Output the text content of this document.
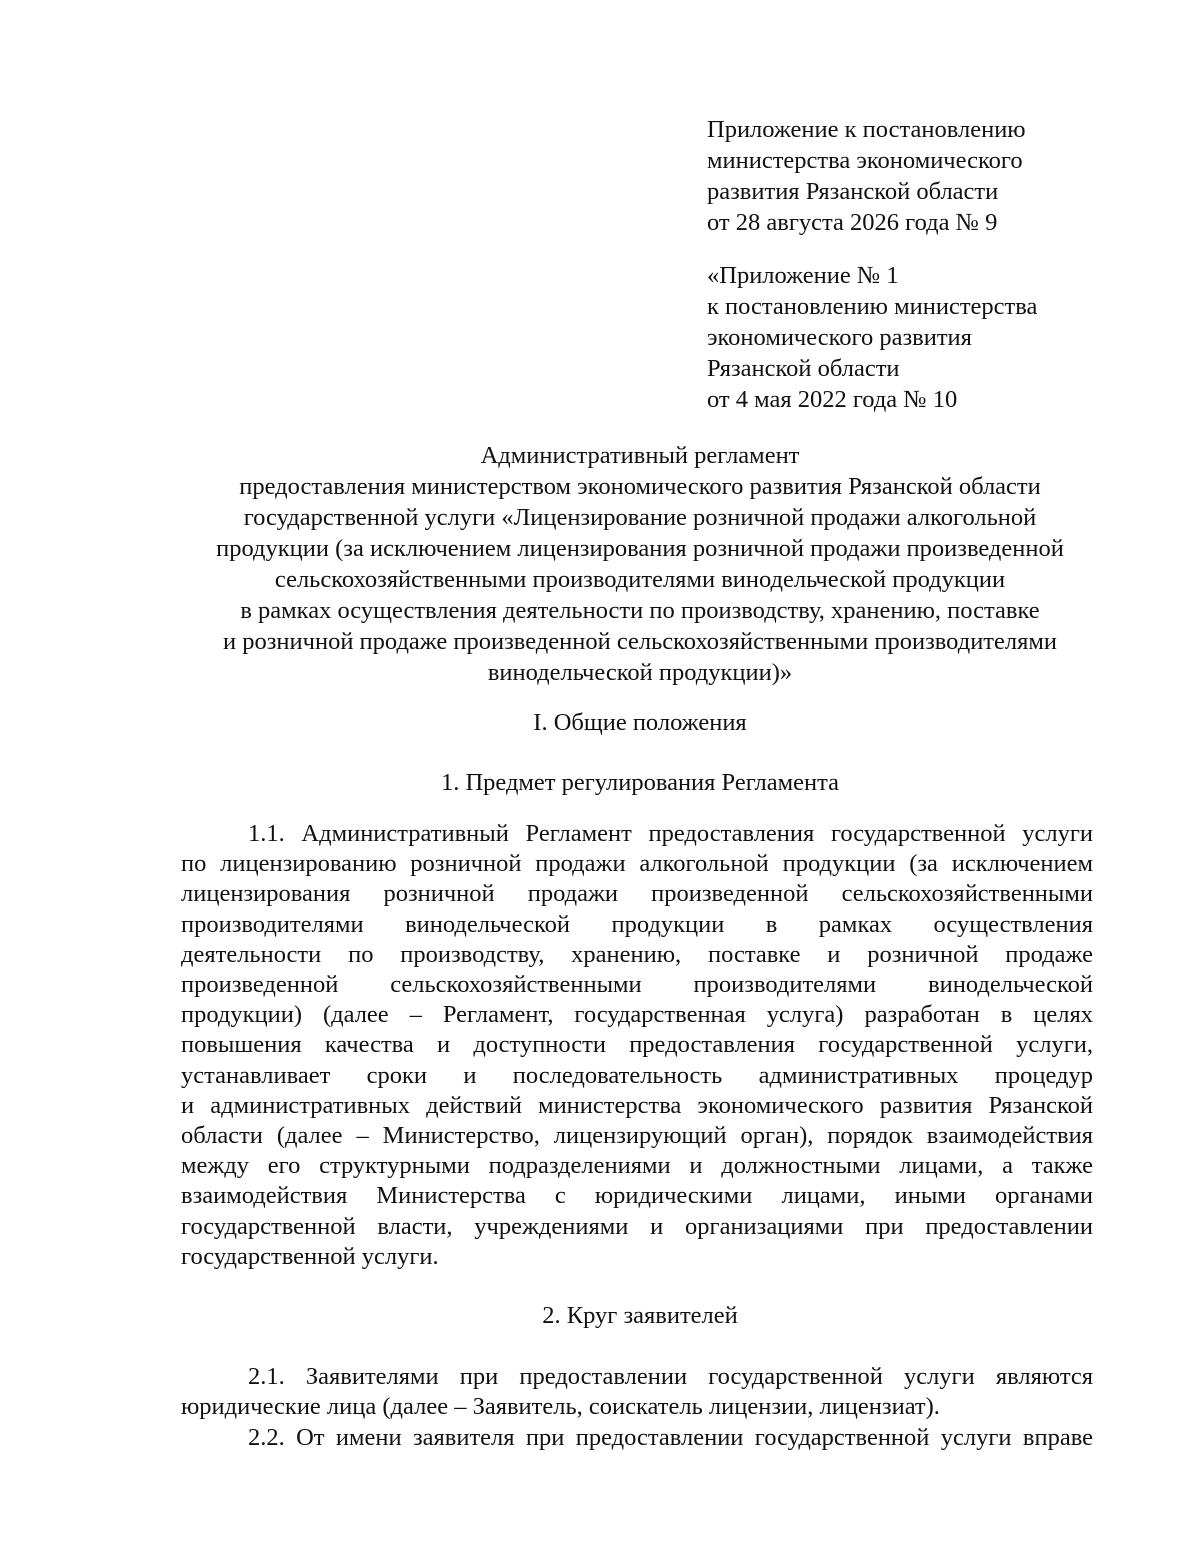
Приложение к постановлению
министерства экономического
развития Рязанской области
от 28 августа 2026 года № 9
«Приложение № 1
к постановлению министерства
экономического развития
Рязанской области
от 4 мая 2022 года № 10
Административный регламент
предоставления министерством экономического развития Рязанской области
государственной услуги «Лицензирование розничной продажи алкогольной
продукции (за исключением лицензирования розничной продажи произведенной
сельскохозяйственными производителями винодельческой продукции
в рамках осуществления деятельности по производству, хранению, поставке
и розничной продаже произведенной сельскохозяйственными производителями
винодельческой продукции)»
I. Общие положения
1. Предмет регулирования Регламента
1.1. Административный Регламент предоставления государственной услуги
по лицензированию розничной продажи алкогольной продукции (за исключением
лицензирования розничной продажи произведенной сельскохозяйственными
производителями винодельческой продукции в рамках осуществления
деятельности по производству, хранению, поставке и розничной продаже
произведенной сельскохозяйственными производителями винодельческой
продукции) (далее – Регламент, государственная услуга) разработан в целях
повышения качества и доступности предоставления государственной услуги,
устанавливает сроки и последовательность административных процедур
и административных действий министерства экономического развития Рязанской
области (далее – Министерство, лицензирующий орган), порядок взаимодействия
между его структурными подразделениями и должностными лицами, а также
взаимодействия Министерства с юридическими лицами, иными органами
государственной власти, учреждениями и организациями при предоставлении
государственной услуги.
2. Круг заявителей
2.1. Заявителями при предоставлении государственной услуги являются
юридические лица (далее – Заявитель, соискатель лицензии, лицензиат).
2.2. От имени заявителя при предоставлении государственной услуги вправе
